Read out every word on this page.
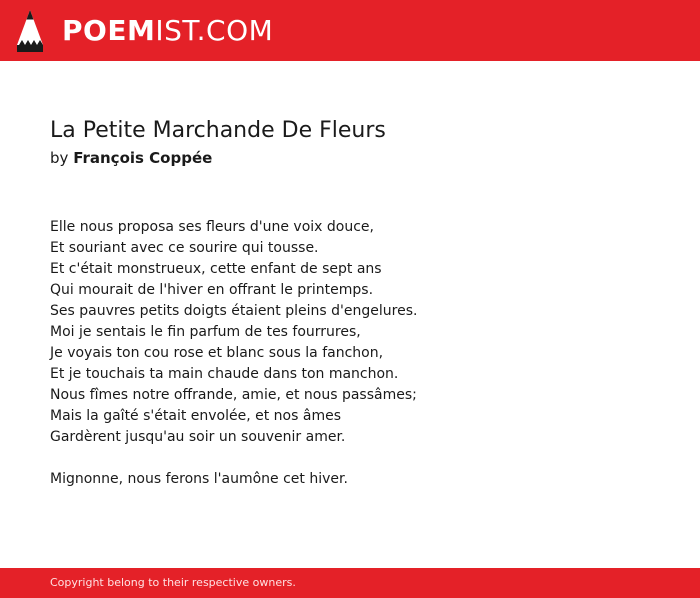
POEMIST.COM
La Petite Marchande De Fleurs
by François Coppée
Elle nous proposa ses fleurs d'une voix douce,
Et souriant avec ce sourire qui tousse.
Et c'était monstrueux, cette enfant de sept ans
Qui mourait de l'hiver en offrant le printemps.
Ses pauvres petits doigts étaient pleins d'engelures.
Moi je sentais le fin parfum de tes fourrures,
Je voyais ton cou rose et blanc sous la fanchon,
Et je touchais ta main chaude dans ton manchon.
Nous fîmes notre offrande, amie, et nous passâmes;
Mais la gaîté s'était envolée, et nos âmes
Gardèrent jusqu'au soir un souvenir amer.
Mignonne, nous ferons l'aumône cet hiver.
Copyright belong to their respective owners.
